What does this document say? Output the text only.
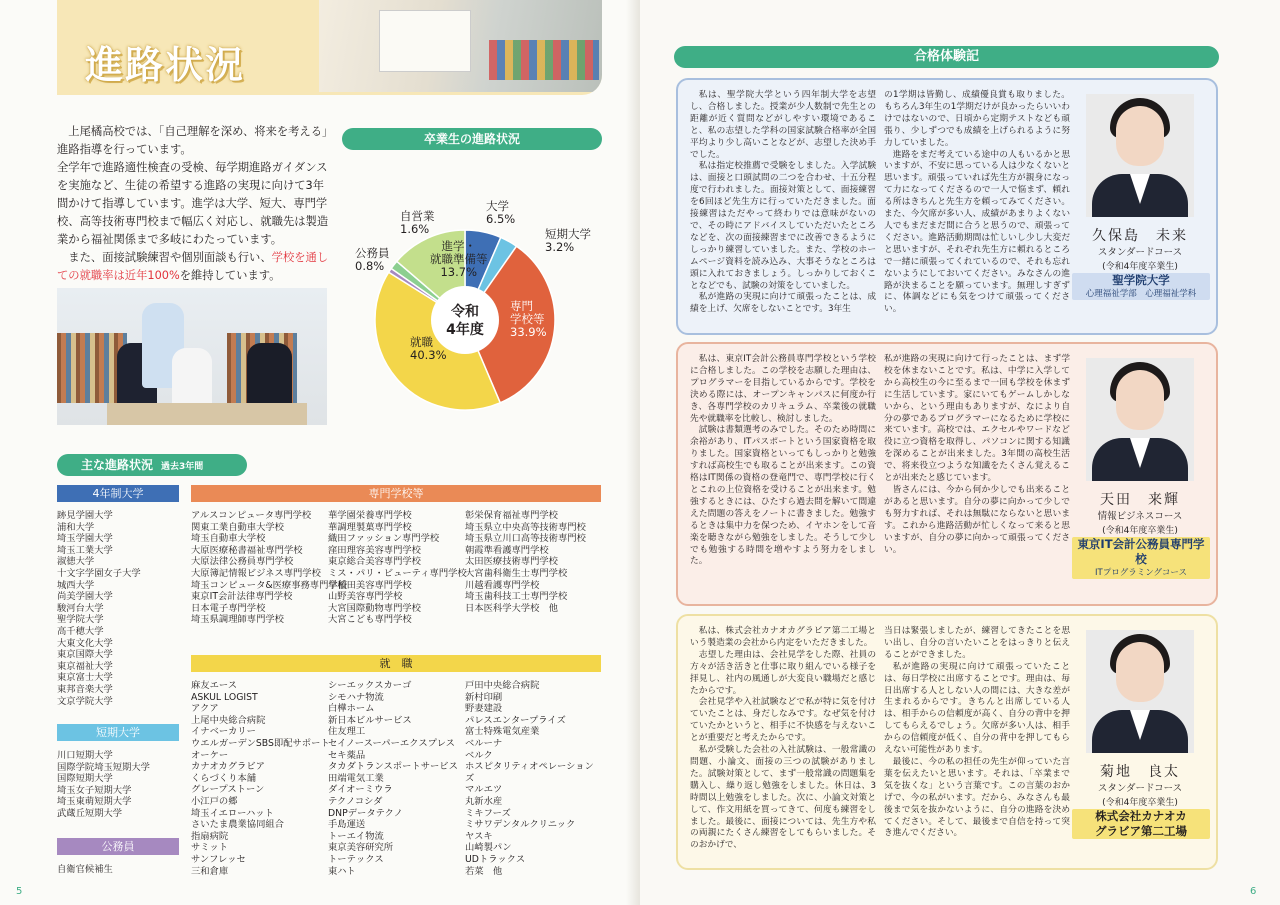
進路状況

上尾橘高校では、「自己理解を深め、将来を考える」進路指導を行っています。

全学年で進路適性検査の受検、毎学期進路ガイダンスを実施など、生徒の希望する進路の実現に向けて3年間かけて指導しています。進学は大学、短大、専門学校、高等技術専門校まで幅広く対応し、就職先は製造業から福祉関係まで多岐にわたっています。

また、面接試験練習や個別面談も行い、学校を通しての就職率は近年100%を維持しています。

卒業生の進路状況
令和
4年度
大学
6.5%
短期大学
3.2%
専門
学校等
33.9%
就職
40.3%
公務員
0.8%
自営業
1.6%
進学・
就職準備等
13.7%
主な進路状況 過去3年間
4年制大学
跡見学園大学
浦和大学
埼玉学園大学
埼玉工業大学
淑徳大学
十文字学園女子大学
城西大学
尚美学園大学
駿河台大学
聖学院大学
高千穂大学
大東文化大学
東京国際大学
東京福祉大学
東京富士大学
東邦音楽大学
文京学院大学
短期大学
川口短期大学
国際学院埼玉短期大学
国際短期大学
埼玉女子短期大学
埼玉東萌短期大学
武蔵丘短期大学
公務員
自衛官候補生
専門学校等
アルスコンピュータ専門学校
関東工業自動車大学校
埼玉自動車大学校
大原医療秘書福祉専門学校
大原法律公務員専門学校
大原簿記情報ビジネス専門学校
埼玉コンピュータ&医療事務専門学校
東京IT会計法律専門学校
日本電子専門学校
埼玉県調理師専門学校
華学園栄養専門学校
華調理製菓専門学校
織田ファッション専門学校
窪田理容美容専門学校
東京総合美容専門学校
ミス・パリ・ビューティ専門学校
早稲田美容専門学校
山野美容専門学校
大宮国際動物専門学校
大宮こども専門学校
彰栄保育福祉専門学校
埼玉県立中央高等技術専門校
埼玉県立川口高等技術専門校
朝霞準看護専門学校
太田医療技術専門学校
大宮歯科衛生士専門学校
川越看護専門学校
埼玉歯科技工士専門学校
日本医科学大学校　他
就　職
麻友エース
ASKUL LOGIST
アクア
上尾中央総合病院
イナベーカリー
ウエルガーデンSBS即配サポート
オーケー
カナオカグラビア
くらづくり本舗
グレープストーン
小江戸の郷
埼玉イエローハット
さいたま農業協同組合
指扇病院
サミット
サンフレッセ
三和倉庫
シーエックスカーゴ
シモハナ物流
白樺ホーム
新日本ビルサービス
住友理工
セイノースーパーエクスプレス
セキ薬品
タカダトランスポートサービス
田端電気工業
ダイオーミウラ
テクノコシダ
DNPデータテクノ
手島運送
トーエイ物流
東京美容研究所
トーテックス
東ハト
戸田中央総合病院
新村印刷
野妻建設
パレスエンタープライズ
富士特殊電気産業
ベルーナ
ベルク
ホスピタリティオペレーション
ズ
マルエツ
丸新水産
ミキフーズ
ミサワデンタルクリニック
ヤスキ
山崎製パン
UDトラックス
若菜　他
5
合格体験記

私は、聖学院大学という四年制大学を志望し、合格しました。授業が少人数制で先生との距離が近く質問などがしやすい環境であること、私の志望した学科の国家試験合格率が全国平均より少し高いことなどが、志望した決め手でした。

私は指定校推薦で受験をしました。入学試験は、面接と口頭試問の二つを合わせ、十五分程度で行われました。面接対策として、面接練習を6回ほど先生方に行っていただきました。面接練習はただやって終わりでは意味がないので、その時にアドバイスしていただいたところなどを、次の面接練習までに改善できるようにしっかり練習していました。また、学校のホームページ資料を読み込み、大事そうなところは頭に入れておきましょう。しっかりしておくことなどでも、試験の対策をしていました。

私が進路の実現に向けて頑張ったことは、成績を上げ、欠席をしないことです。3年生

の1学期は皆勤し、成績優良賞も取りました。もちろん3年生の1学期だけが良かったらいいわけではないので、日頃から定期テストなども頑張り、少しずつでも成績を上げられるように努力していました。

進路をまだ考えている途中の人もいるかと思いますが、不安に思っている人は少なくないと思います。頑張っていれば先生方が親身になって力になってくださるので一人で悩まず、頼れる所はきちんと先生方を頼ってみてください。また、今欠席が多い人、成績があまりよくない人でもまだまだ間に合うと思うので、頑張ってください。進路活動期間は忙しいし少し大変だと思いますが、それぞれ先生方に頼れるところで一緒に頑張ってくれているので、それも忘れないようにしておいてください。みなさんの進路が決まることを願っています。無理しすぎずに、体調などにも気をつけて頑張ってください。

久保島　未来
スタンダードコース
(令和4年度卒業生)
聖学院大学
心理福祉学部　心理福祉学科

私は、東京IT会計公務員専門学校という学校に合格しました。この学校を志願した理由は、プログラマーを目指しているからです。学校を決める際には、オープンキャンパスに何度か行き、各専門学校のカリキュラム、卒業後の就職先や就職率を比較し、検討しました。

試験は書類選考のみでした。そのため時間に余裕があり、ITパスポートという国家資格を取りました。国家資格といってもしっかりと勉強すれば高校生でも取ることが出来ます。この資格はIT関係の資格の登竜門で、専門学校に行くとこれの上位資格を受けることが出来ます。勉強するときには、ひたすら過去問を解いて間違えた問題の答えをノートに書きました。勉強するときは集中力を保つため、イヤホンをして音楽を聴きながら勉強をしました。そうして少しでも勉強する時間を増やすよう努力をしました。

私が進路の実現に向けて行ったことは、まず学校を休まないことです。私は、中学に入学してから高校生の今に至るまで一回も学校を休まずに生活しています。家にいてもゲームしかしないから、という理由もありますが、なにより自分の夢であるプログラマーになるために学校に来ています。高校では、エクセルやワードなど役に立つ資格を取得し、パソコンに関する知識を深めることが出来ました。3年間の高校生活で、将来役立つような知識をたくさん覚えることが出来たと感じています。

皆さんには、今から何か少しでも出来ることがあると思います。自分の夢に向かって少しでも努力すれば、それは無駄にならないと思います。これから進路活動が忙しくなって来ると思いますが、自分の夢に向かって頑張ってください。

天田　来輝
情報ビジネスコース
(令和4年度卒業生)
東京IT会計公務員専門学校
ITプログラミングコース

私は、株式会社カナオカグラビア第二工場という製造業の会社から内定をいただきました。

志望した理由は、会社見学をした際、社員の方々が活き活きと仕事に取り組んでいる様子を拝見し、社内の風通しが大変良い職場だと感じたからです。

会社見学や入社試験などで私が特に気を付けていたことは、身だしなみです。なぜ気を付けていたかというと、相手に不快感を与えないことが重要だと考えたからです。

私が受験した会社の入社試験は、一般常識の問題、小論文、面接の三つの試験がありました。試験対策として、まず一般常識の問題集を購入し、繰り返し勉強をしました。休日は、3時間以上勉強をしました。次に、小論文対策として、作文用紙を買ってきて、何度も練習をしました。最後に、面接については、先生方や私の両親にたくさん練習をしてもらいました。そのおかげで、

当日は緊張しましたが、練習してきたことを思い出し、自分の言いたいことをはっきりと伝えることができました。

私が進路の実現に向けて頑張っていたことは、毎日学校に出席することです。理由は、毎日出席する人としない人の間には、大きな差が生まれるからです。きちんと出席している人は、相手からの信頼度が高く、自分の背中を押してもらえるでしょう。欠席が多い人は、相手からの信頼度が低く、自分の背中を押してもらえない可能性があります。

最後に、今の私の担任の先生が仰っていた言葉を伝えたいと思います。それは、「卒業まで気を抜くな」という言葉です。この言葉のおかげで、今の私がいます。だから、みなさんも最後まで気を抜かないように、自分の進路を決めてください。そして、最後まで自信を持って突き進んでください。

菊地　良太
スタンダードコース
(令和4年度卒業生)
株式会社カナオカ
グラビア第二工場
6
